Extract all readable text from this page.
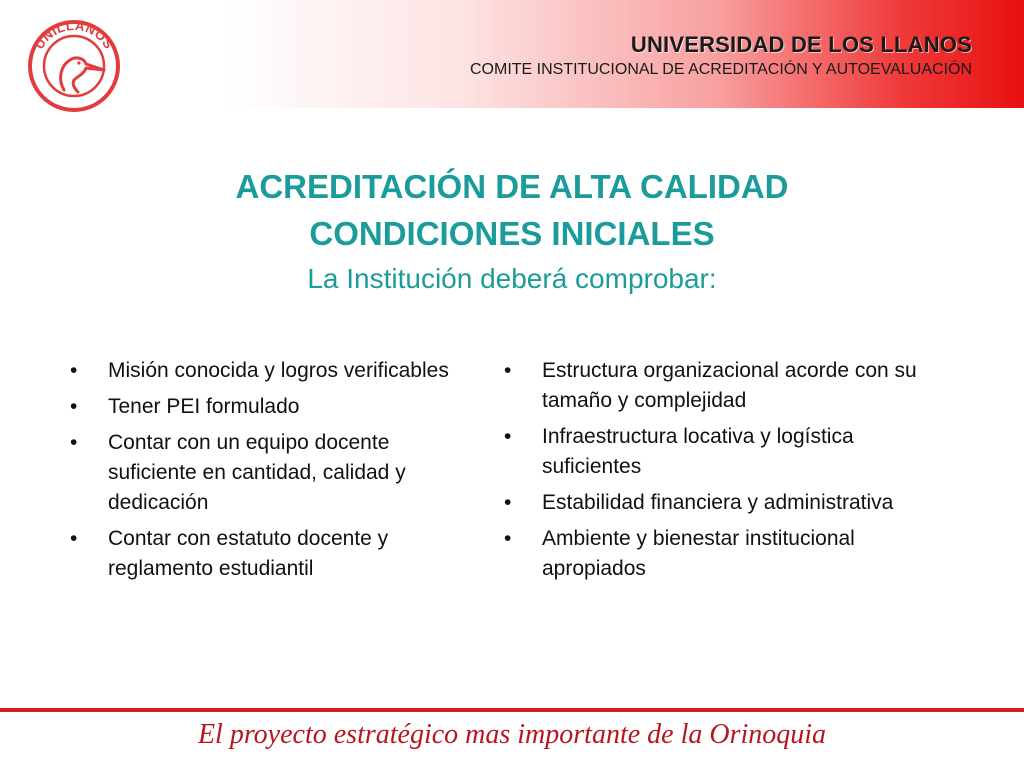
UNILLANOS	UNIVERSIDAD DE LOS LLANOS
COMITE INSTITUCIONAL DE ACREDITACIÓN Y AUTOEVALUACIÓN
ACREDITACIÓN DE ALTA CALIDAD
CONDICIONES INICIALES
La Institución deberá comprobar:
• Misión conocida y logros verificables
• Tener PEI formulado
• Contar con un equipo docente suficiente en cantidad, calidad y dedicación
• Contar con estatuto docente y reglamento estudiantil
• Estructura organizacional acorde con su tamaño y complejidad
• Infraestructura locativa y logística suficientes
• Estabilidad financiera y administrativa
• Ambiente y bienestar institucional apropiados
El proyecto estratégico mas importante de la Orinoquia
